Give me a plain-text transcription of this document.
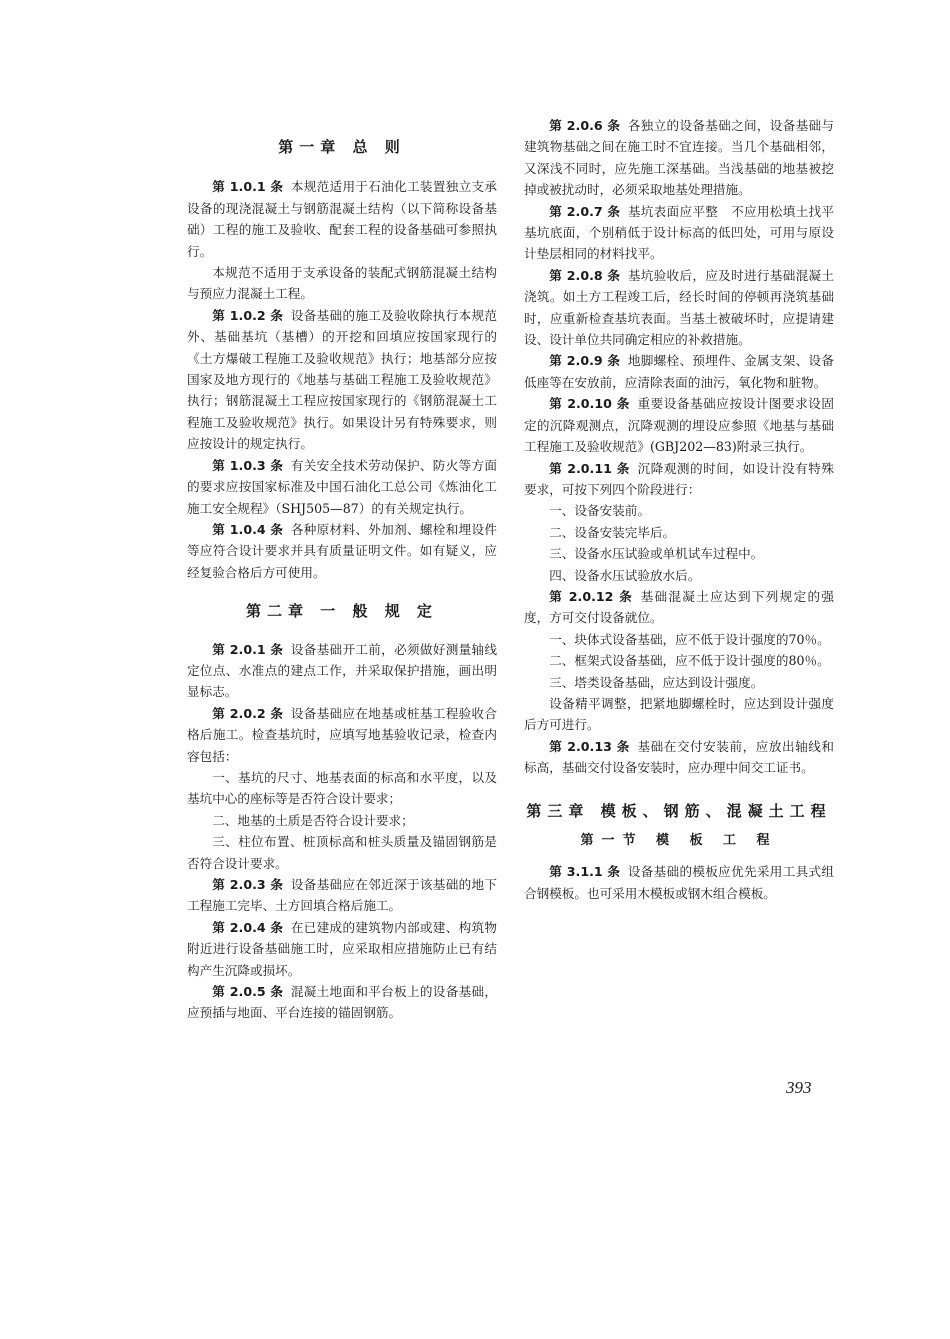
第一章 总 则

第 1.0.1 条 本规范适用于石油化工装置独立支承设备的现浇混凝土与钢筋混凝土结构（以下简称设备基础）工程的施工及验收、配套工程的设备基础可参照执行。

本规范不适用于支承设备的装配式钢筋混凝土结构与预应力混凝土工程。

第 1.0.2 条 设备基础的施工及验收除执行本规范外、基础基坑（基槽）的开挖和回填应按国家现行的《土方爆破工程施工及验收规范》执行；地基部分应按国家及地方现行的《地基与基础工程施工及验收规范》执行；钢筋混凝土工程应按国家现行的《钢筋混凝土工程施工及验收规范》执行。如果设计另有特殊要求，则应按设计的规定执行。

第 1.0.3 条 有关安全技术劳动保护、防火等方面的要求应按国家标准及中国石油化工总公司《炼油化工施工安全规程》（SHJ505—87）的有关规定执行。

第 1.0.4 条 各种原材料、外加剂、螺栓和埋设件等应符合设计要求并具有质量证明文件。如有疑义，应经复验合格后方可使用。

第二章 一 般 规 定

第 2.0.1 条 设备基础开工前，必须做好测量轴线定位点、水准点的建点工作，并采取保护措施，画出明显标志。

第 2.0.2 条 设备基础应在地基或桩基工程验收合格后施工。检查基坑时，应填写地基验收记录，检查内容包括：

一、基坑的尺寸、地基表面的标高和水平度，以及基坑中心的座标等是否符合设计要求；

二、地基的土质是否符合设计要求；

三、柱位布置、桩顶标高和桩头质量及锚固钢筋是否符合设计要求。

第 2.0.3 条 设备基础应在邻近深于该基础的地下工程施工完毕、土方回填合格后施工。

第 2.0.4 条 在已建成的建筑物内部或建、构筑物附近进行设备基础施工时，应采取相应措施防止已有结构产生沉降或损坏。

第 2.0.5 条 混凝土地面和平台板上的设备基础，应预插与地面、平台连接的锚固钢筋。

第 2.0.6 条 各独立的设备基础之间，设备基础与建筑物基础之间在施工时不宜连接。当几个基础相邻，又深浅不同时，应先施工深基础。当浅基础的地基被挖掉或被扰动时，必须采取地基处理措施。

第 2.0.7 条 基坑表面应平整　不应用松填土找平基坑底面，个别稍低于设计标高的低凹处，可用与原设计垫层相同的材料找平。

第 2.0.8 条 基坑验收后，应及时进行基础混凝土浇筑。如土方工程竣工后，经长时间的停顿再浇筑基础时，应重新检查基坑表面。当基土被破坏时，应提请建设、设计单位共同确定相应的补救措施。

第 2.0.9 条 地脚螺栓、预埋件、金属支架、设备低座等在安放前，应清除表面的油污，氧化物和脏物。

第 2.0.10 条 重要设备基础应按设计图要求设固定的沉降观测点，沉降观测的埋设应参照《地基与基础工程施工及验收规范》(GBJ202—83)附录三执行。

第 2.0.11 条 沉降观测的时间，如设计没有特殊要求，可按下列四个阶段进行：

一、设备安装前。

二、设备安装完毕后。

三、设备水压试验或单机试车过程中。

四、设备水压试验放水后。

第 2.0.12 条 基础混凝土应达到下列规定的强度，方可交付设备就位。

一、块体式设备基础，应不低于设计强度的70％。

二、框架式设备基础，应不低于设计强度的80％。

三、塔类设备基础，应达到设计强度。

设备精平调整，把紧地脚螺栓时，应达到设计强度后方可进行。

第 2.0.13 条 基础在交付安装前，应放出轴线和标高，基础交付设备安装时，应办理中间交工证书。

第三章 模板、钢筋、混凝土工程
第一节 模 板 工 程

第 3.1.1 条 设备基础的模板应优先采用工具式组合钢模板。也可采用木模板或钢木组合模板。

393
